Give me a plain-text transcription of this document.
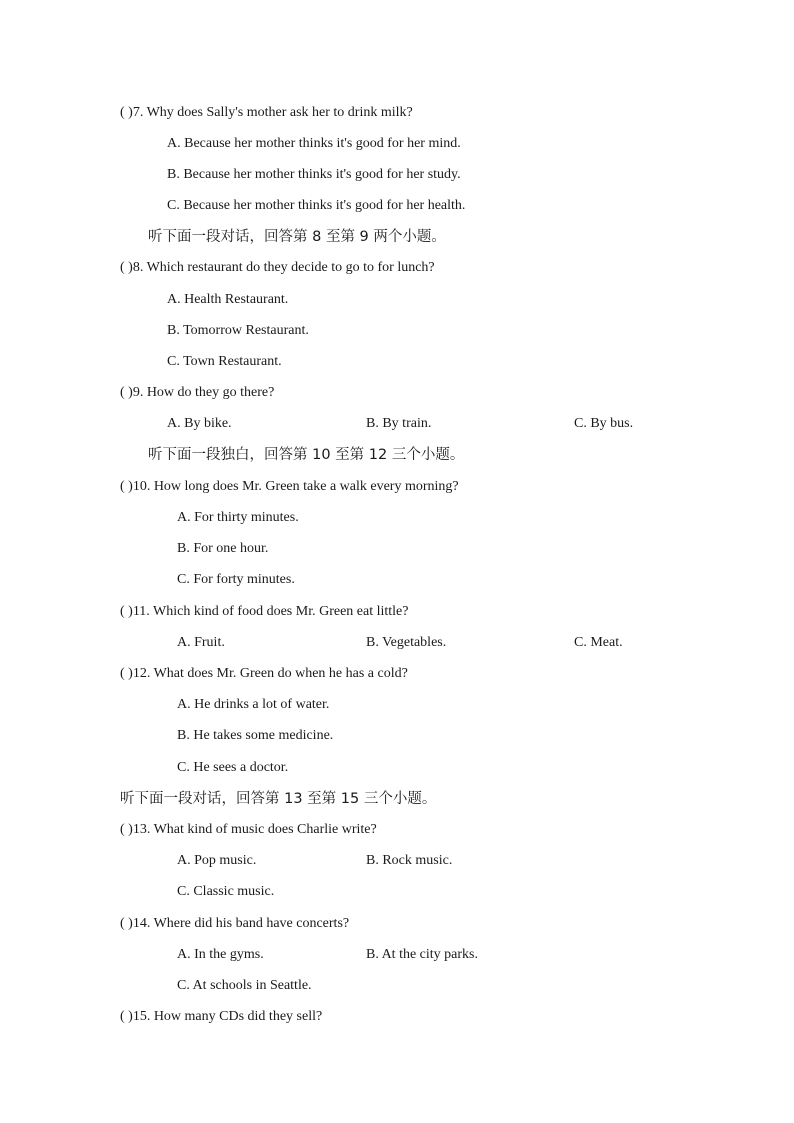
( )7. Why does Sally's mother ask her to drink milk?
A. Because her mother thinks it's good for her mind.
B. Because her mother thinks it's good for her study.
C. Because her mother thinks it's good for her health.
听下面一段对话，回答第 8 至第 9 两个小题。
( )8. Which restaurant do they decide to go to for lunch?
A. Health Restaurant.
B. Tomorrow Restaurant.
C. Town Restaurant.
( )9. How do they go there?
A. By bike.	B. By train.	C. By bus.
听下面一段独白，回答第 10 至第 12 三个小题。
( )10. How long does Mr. Green take a walk every morning?
A. For thirty minutes.
B. For one hour.
C. For forty minutes.
( )11. Which kind of food does Mr. Green eat little?
A. Fruit.	B. Vegetables.	C. Meat.
( )12. What does Mr. Green do when he has a cold?
A. He drinks a lot of water.
B. He takes some medicine.
C. He sees a doctor.
听下面一段对话，回答第 13 至第 15 三个小题。
( )13. What kind of music does Charlie write?
A. Pop music.	B. Rock music.
C. Classic music.
( )14. Where did his band have concerts?
A. In the gyms.	B. At the city parks.
C. At schools in Seattle.
( )15. How many CDs did they sell?
